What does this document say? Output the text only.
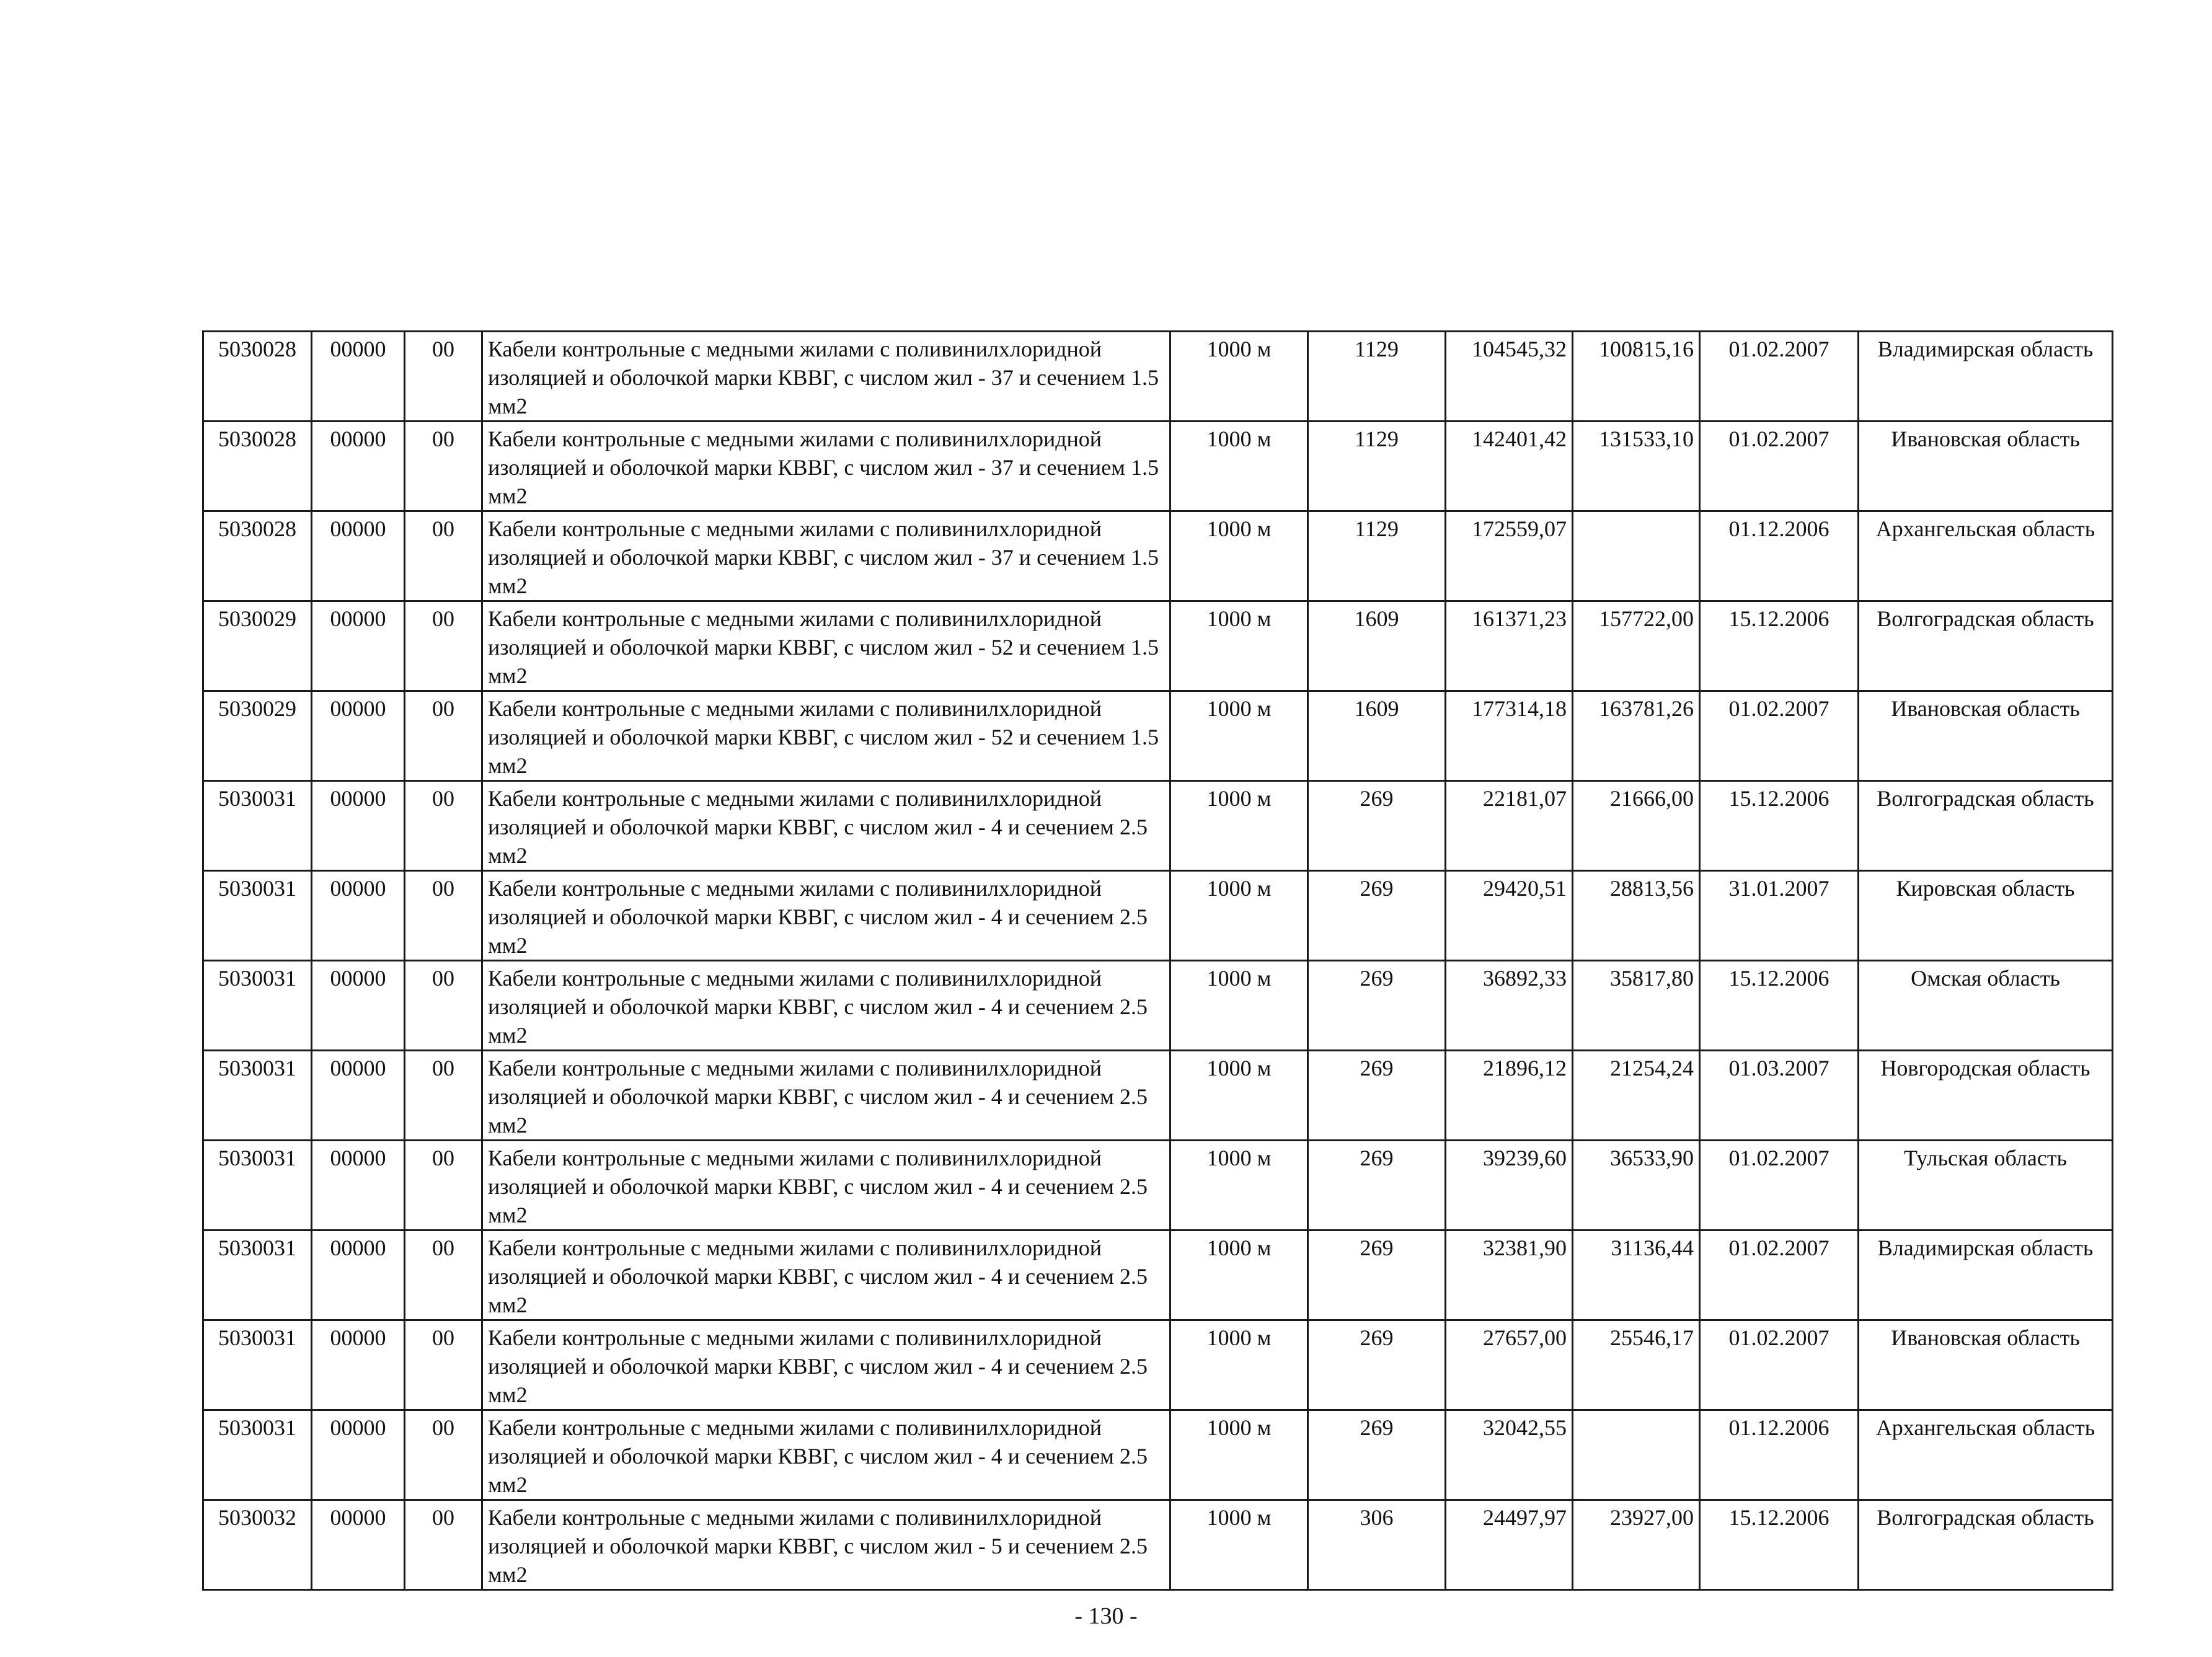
5030028	00000	00	Кабели контрольные с медными жилами с поливинилхлоридной изоляцией и оболочкой марки КВВГ, с числом жил - 37 и сечением 1.5 мм2	1000 м	1129	104545,32	100815,16	01.02.2007	Владимирская область
5030028	00000	00	Кабели контрольные с медными жилами с поливинилхлоридной изоляцией и оболочкой марки КВВГ, с числом жил - 37 и сечением 1.5 мм2	1000 м	1129	142401,42	131533,10	01.02.2007	Ивановская область
5030028	00000	00	Кабели контрольные с медными жилами с поливинилхлоридной изоляцией и оболочкой марки КВВГ, с числом жил - 37 и сечением 1.5 мм2	1000 м	1129	172559,07		01.12.2006	Архангельская область
5030029	00000	00	Кабели контрольные с медными жилами с поливинилхлоридной изоляцией и оболочкой марки КВВГ, с числом жил - 52 и сечением 1.5 мм2	1000 м	1609	161371,23	157722,00	15.12.2006	Волгоградская область
5030029	00000	00	Кабели контрольные с медными жилами с поливинилхлоридной изоляцией и оболочкой марки КВВГ, с числом жил - 52 и сечением 1.5 мм2	1000 м	1609	177314,18	163781,26	01.02.2007	Ивановская область
5030031	00000	00	Кабели контрольные с медными жилами с поливинилхлоридной изоляцией и оболочкой марки КВВГ, с числом жил - 4 и сечением 2.5 мм2	1000 м	269	22181,07	21666,00	15.12.2006	Волгоградская область
5030031	00000	00	Кабели контрольные с медными жилами с поливинилхлоридной изоляцией и оболочкой марки КВВГ, с числом жил - 4 и сечением 2.5 мм2	1000 м	269	29420,51	28813,56	31.01.2007	Кировская область
5030031	00000	00	Кабели контрольные с медными жилами с поливинилхлоридной изоляцией и оболочкой марки КВВГ, с числом жил - 4 и сечением 2.5 мм2	1000 м	269	36892,33	35817,80	15.12.2006	Омская область
5030031	00000	00	Кабели контрольные с медными жилами с поливинилхлоридной изоляцией и оболочкой марки КВВГ, с числом жил - 4 и сечением 2.5 мм2	1000 м	269	21896,12	21254,24	01.03.2007	Новгородская область
5030031	00000	00	Кабели контрольные с медными жилами с поливинилхлоридной изоляцией и оболочкой марки КВВГ, с числом жил - 4 и сечением 2.5 мм2	1000 м	269	39239,60	36533,90	01.02.2007	Тульская область
5030031	00000	00	Кабели контрольные с медными жилами с поливинилхлоридной изоляцией и оболочкой марки КВВГ, с числом жил - 4 и сечением 2.5 мм2	1000 м	269	32381,90	31136,44	01.02.2007	Владимирская область
5030031	00000	00	Кабели контрольные с медными жилами с поливинилхлоридной изоляцией и оболочкой марки КВВГ, с числом жил - 4 и сечением 2.5 мм2	1000 м	269	27657,00	25546,17	01.02.2007	Ивановская область
5030031	00000	00	Кабели контрольные с медными жилами с поливинилхлоридной изоляцией и оболочкой марки КВВГ, с числом жил - 4 и сечением 2.5 мм2	1000 м	269	32042,55		01.12.2006	Архангельская область
5030032	00000	00	Кабели контрольные с медными жилами с поливинилхлоридной изоляцией и оболочкой марки КВВГ, с числом жил - 5 и сечением 2.5 мм2	1000 м	306	24497,97	23927,00	15.12.2006	Волгоградская область
- 130 -
